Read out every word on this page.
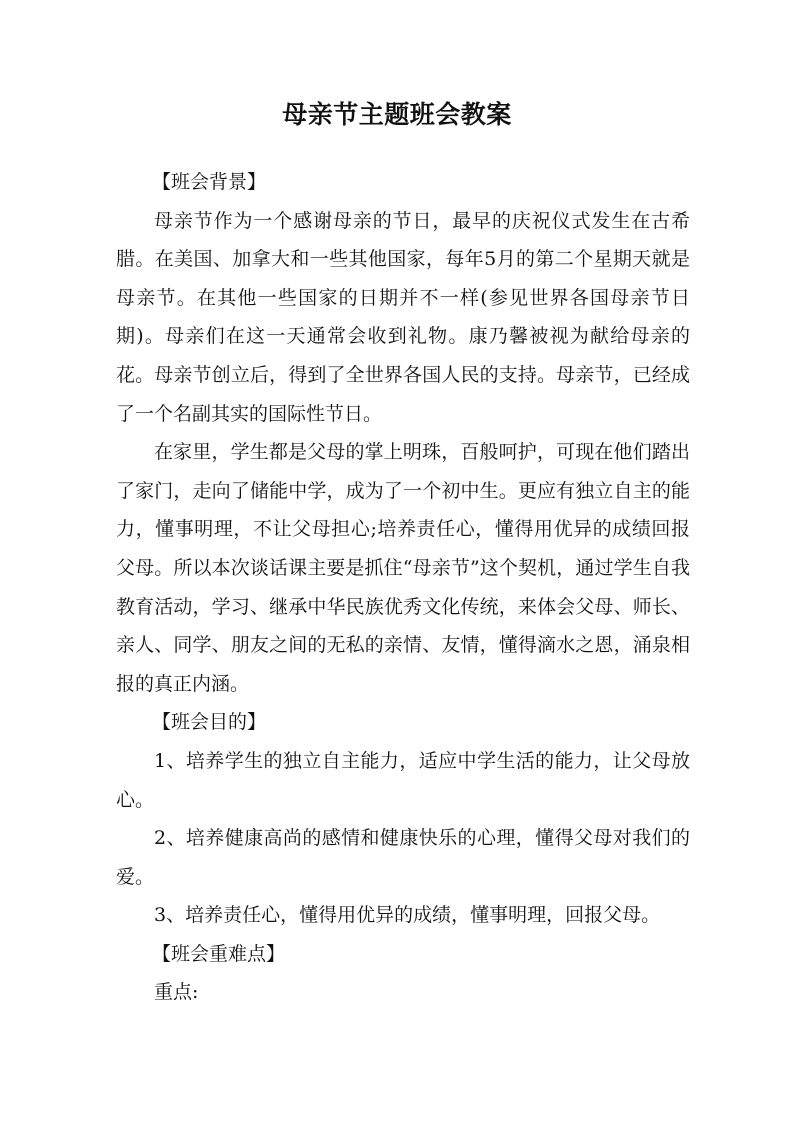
母亲节主题班会教案

【班会背景】

母亲节作为一个感谢母亲的节日，最早的庆祝仪式发生在古希腊。在美国、加拿大和一些其他国家，每年5月的第二个星期天就是母亲节。在其他一些国家的日期并不一样(参见世界各国母亲节日期)。母亲们在这一天通常会收到礼物。康乃馨被视为献给母亲的花。母亲节创立后，得到了全世界各国人民的支持。母亲节，已经成了一个名副其实的国际性节日。

在家里，学生都是父母的掌上明珠，百般呵护，可现在他们踏出了家门，走向了储能中学，成为了一个初中生。更应有独立自主的能力，懂事明理，不让父母担心;培养责任心，懂得用优异的成绩回报父母。所以本次谈话课主要是抓住“母亲节”这个契机，通过学生自我教育活动，学习、继承中华民族优秀文化传统，来体会父母、师长、亲人、同学、朋友之间的无私的亲情、友情，懂得滴水之恩，涌泉相报的真正内涵。

【班会目的】

1、培养学生的独立自主能力，适应中学生活的能力，让父母放心。

2、培养健康高尚的感情和健康快乐的心理，懂得父母对我们的爱。

3、培养责任心，懂得用优异的成绩，懂事明理，回报父母。

【班会重难点】

重点:
